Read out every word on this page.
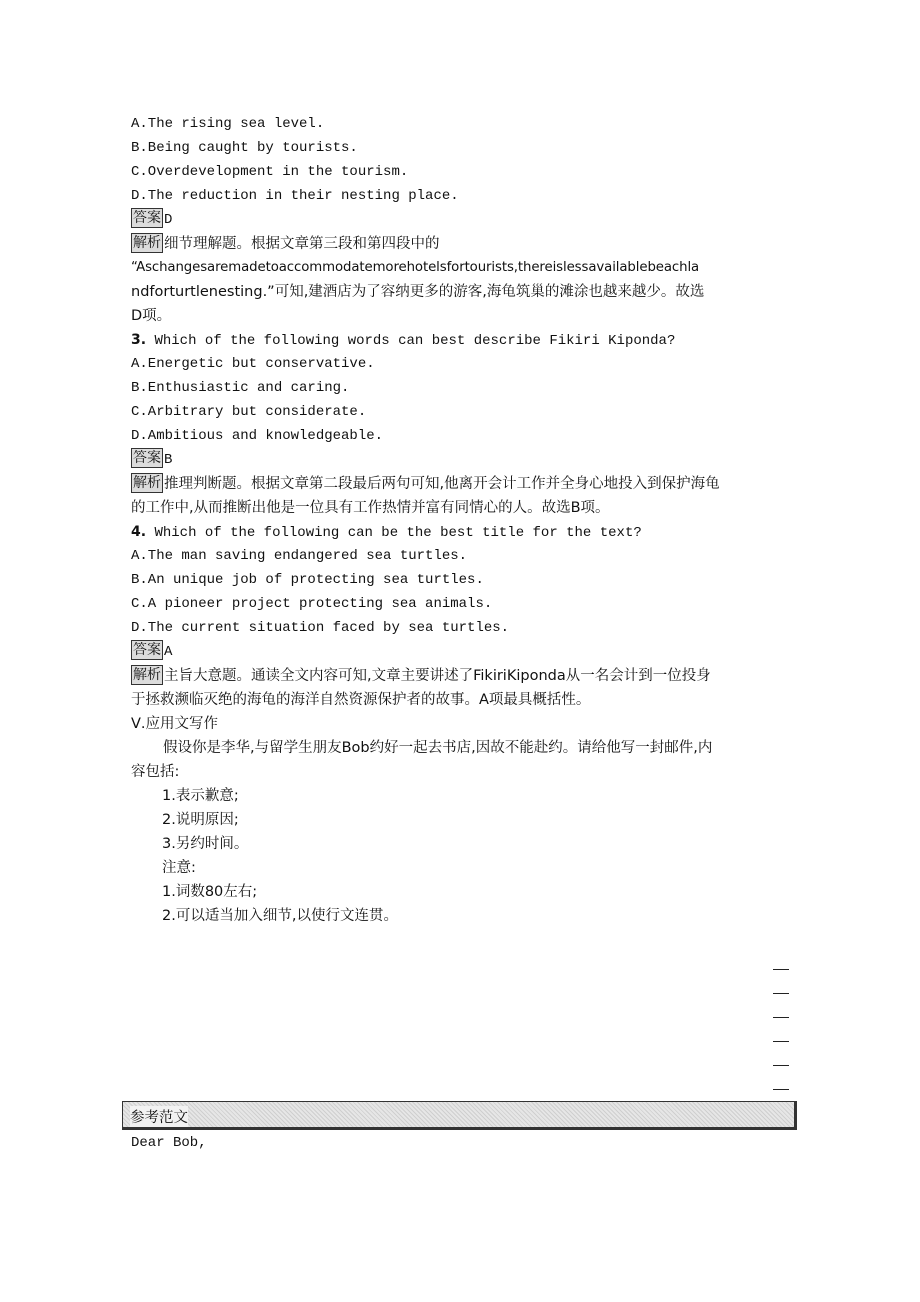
A.The rising sea level.
B.Being caught by tourists.
C.Overdevelopment in the tourism.
D.The reduction in their nesting place.
答案 D
解析 细节理解题。根据文章第三段和第四段中的
“Aschangesaremadetoaccommodatemorehotelsfortourists,thereislessavailablebeachla
ndforturtlenesting.”可知,建酒店为了容纳更多的游客,海龟筑巢的滩涂也越来越少。故选
D项。
3. Which of the following words can best describe Fikiri Kiponda?
A.Energetic but conservative.
B.Enthusiastic and caring.
C.Arbitrary but considerate.
D.Ambitious and knowledgeable.
答案 B
解析 推理判断题。根据文章第二段最后两句可知,他离开会计工作并全身心地投入到保护海龟
的工作中,从而推断出他是一位具有工作热情并富有同情心的人。故选B项。
4. Which of the following can be the best title for the text?
A.The man saving endangered sea turtles.
B.An unique job of protecting sea turtles.
C.A pioneer project protecting sea animals.
D.The current situation faced by sea turtles.
答案 A
解析 主旨大意题。通读全文内容可知,文章主要讲述了FikiriKiponda从一名会计到一位投身
于拯救濒临灭绝的海龟的海洋自然资源保护者的故事。A项最具概括性。
Ⅴ.应用文写作
假设你是李华,与留学生朋友Bob约好一起去书店,因故不能赴约。请给他写一封邮件,内
容包括:
1.表示歉意;
2.说明原因;
3.另约时间。
注意:
1.词数80左右;
2.可以适当加入细节,以使行文连贯。
参考范文
Dear Bob,
